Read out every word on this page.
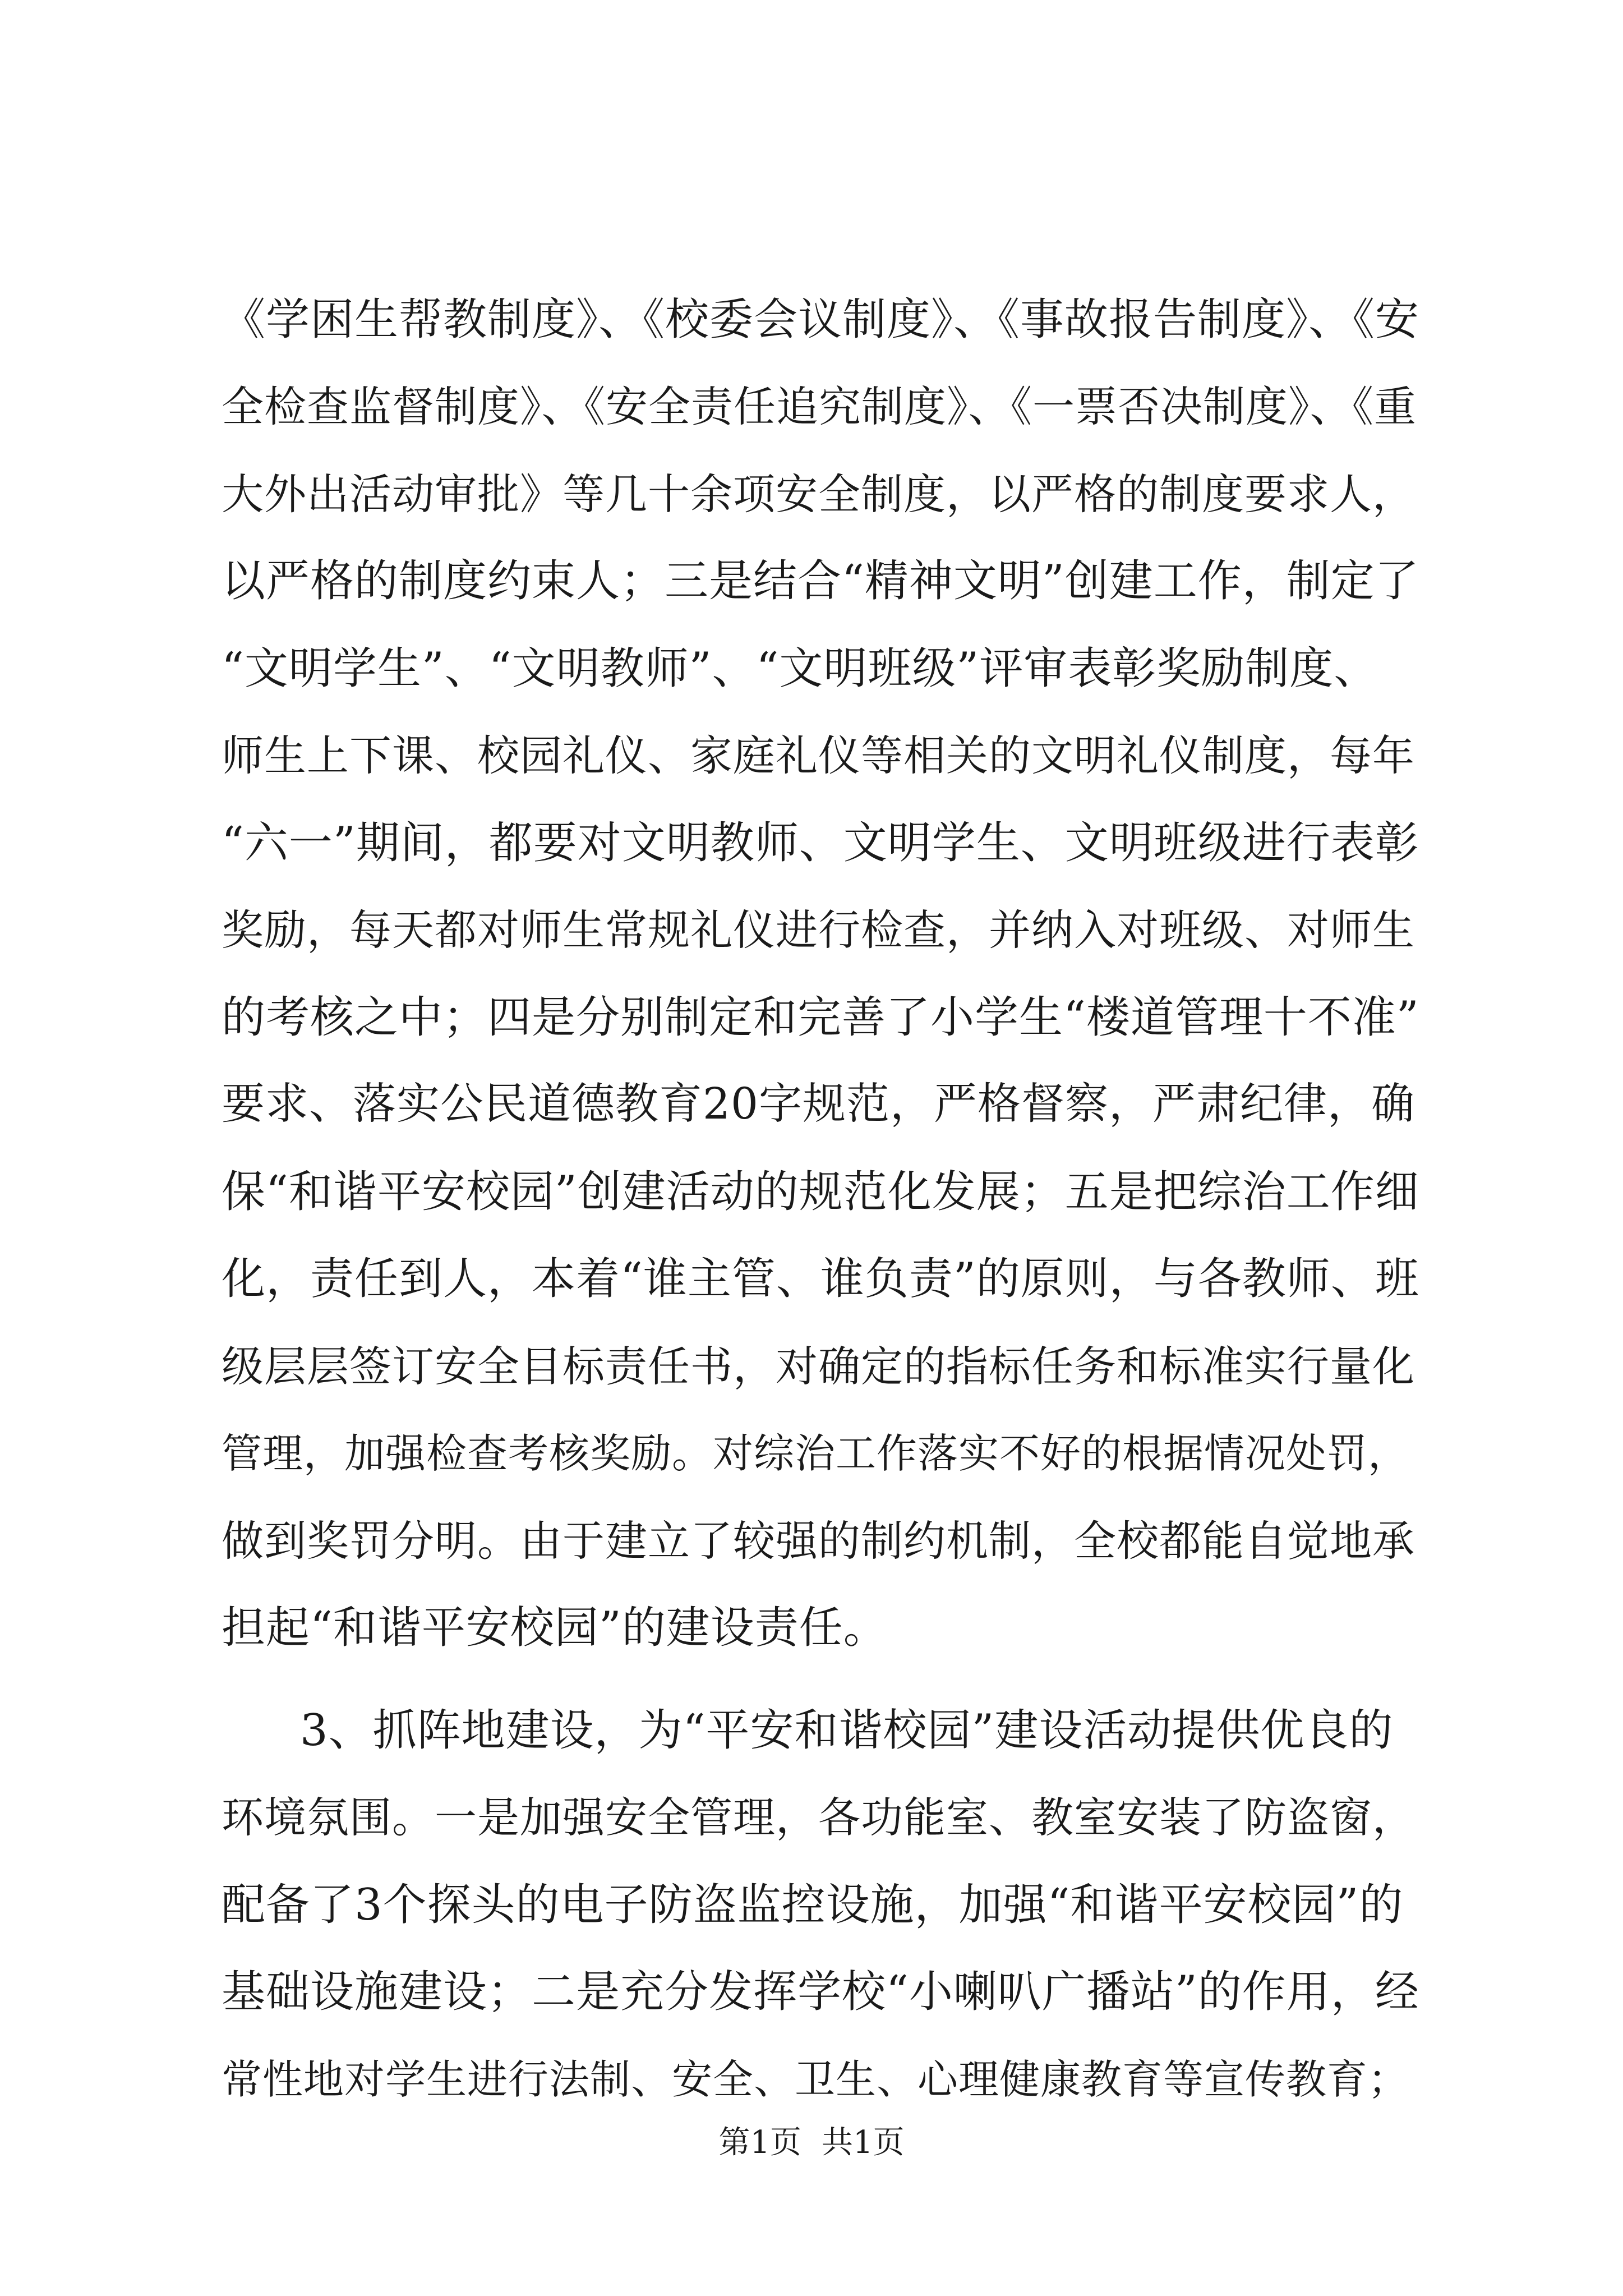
《学困生帮教制度》、《校委会议制度》、《事故报告制度》、《安
全检查监督制度》、《安全责任追究制度》、《一票否决制度》、《重
大外出活动审批》等几十余项安全制度，以严格的制度要求人，
以严格的制度约束人；三是结合“精神文明”创建工作，制定了
“文明学生”、“文明教师”、“文明班级”评审表彰奖励制度、
师生上下课、校园礼仪、家庭礼仪等相关的文明礼仪制度，每年
“六一”期间，都要对文明教师、文明学生、文明班级进行表彰
奖励，每天都对师生常规礼仪进行检查，并纳入对班级、对师生
的考核之中；四是分别制定和完善了小学生“楼道管理十不准”
要求、落实公民道德教育20字规范，严格督察，严肃纪律，确
保“和谐平安校园”创建活动的规范化发展；五是把综治工作细
化，责任到人，本着“谁主管、谁负责”的原则，与各教师、班
级层层签订安全目标责任书，对确定的指标任务和标准实行量化
管理，加强检查考核奖励。对综治工作落实不好的根据情况处罚，
做到奖罚分明。由于建立了较强的制约机制，全校都能自觉地承
担起“和谐平安校园”的建设责任。
3、抓阵地建设，为“平安和谐校园”建设活动提供优良的
环境氛围。一是加强安全管理，各功能室、教室安装了防盗窗，
配备了3个探头的电子防盗监控设施，加强“和谐平安校园”的
基础设施建设；二是充分发挥学校“小喇叭广播站”的作用，经
常性地对学生进行法制、安全、卫生、心理健康教育等宣传教育；
第1页 共1页
